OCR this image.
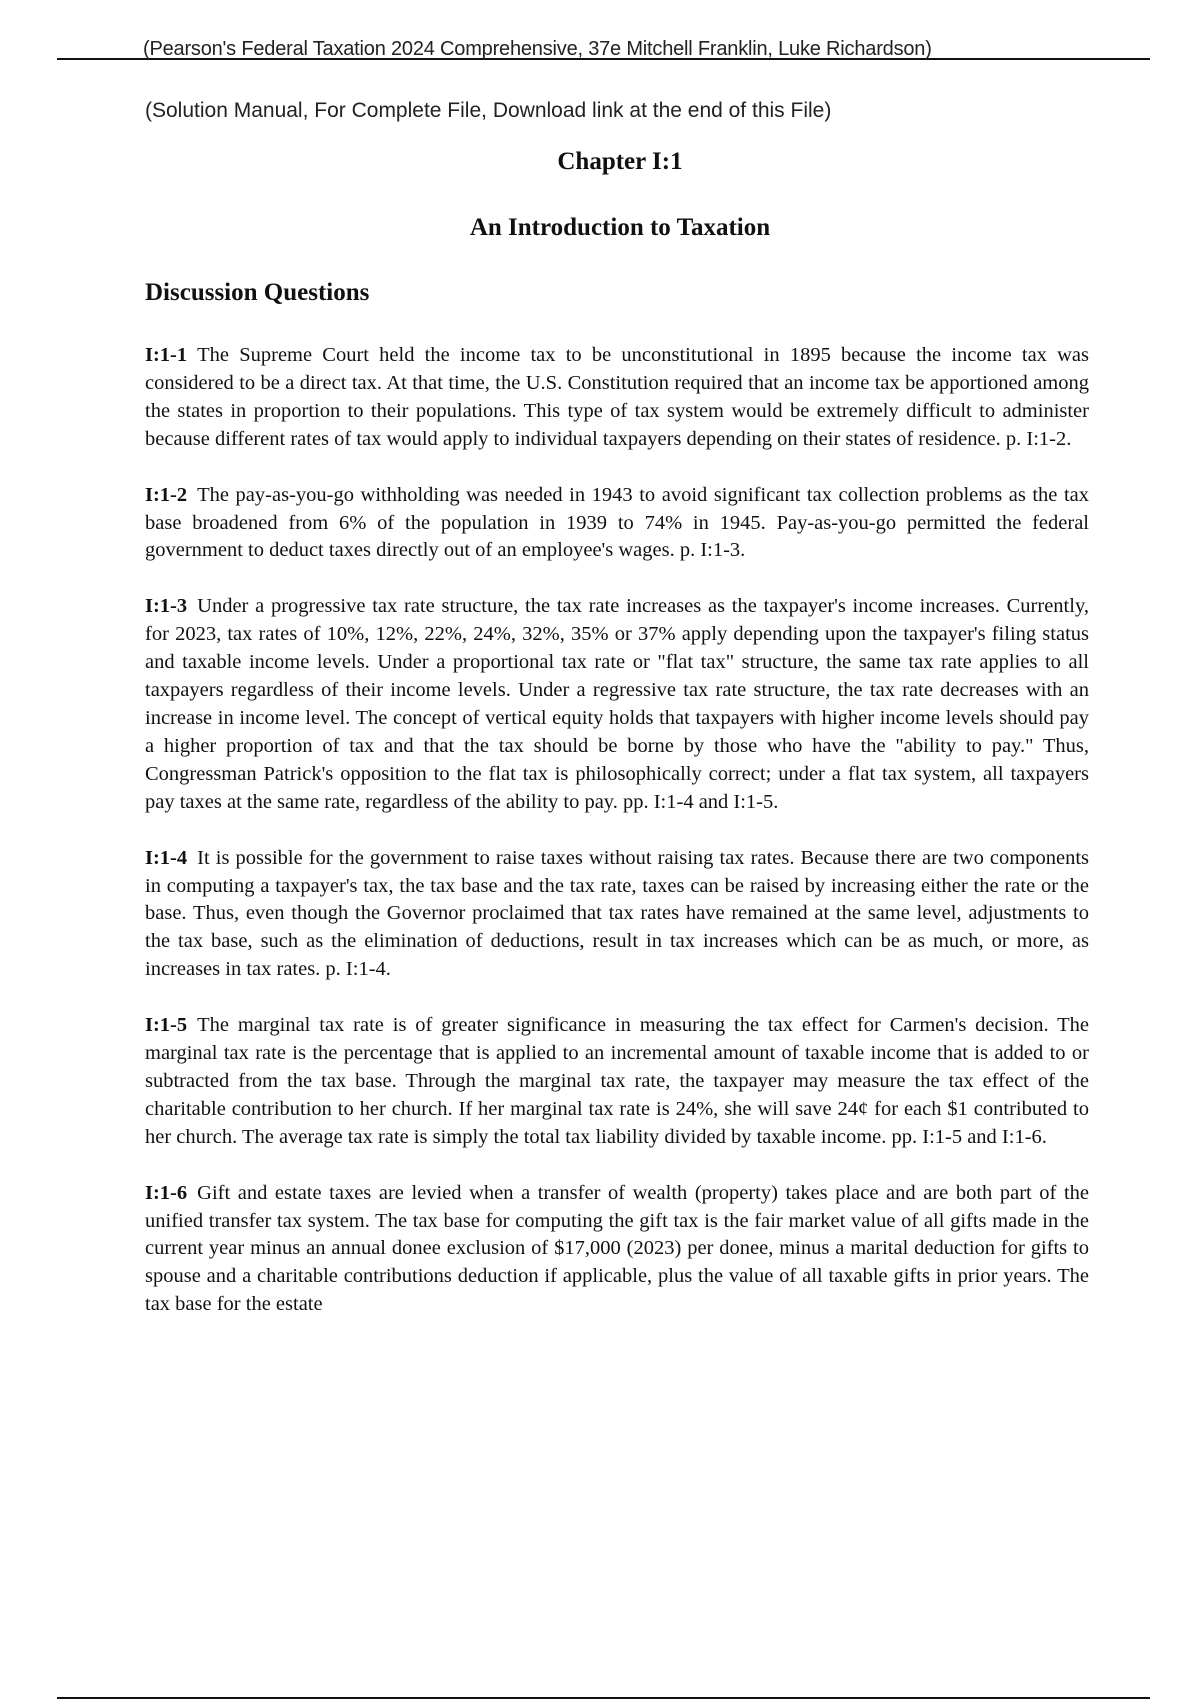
(Pearson's Federal Taxation 2024 Comprehensive, 37e Mitchell Franklin, Luke Richardson)
(Solution Manual, For Complete File, Download link at the end of this File)
Chapter I:1
An Introduction to Taxation
Discussion Questions

I:1-1 The Supreme Court held the income tax to be unconstitutional in 1895 because the income tax was considered to be a direct tax. At that time, the U.S. Constitution required that an income tax be apportioned among the states in proportion to their populations. This type of tax system would be extremely difficult to administer because different rates of tax would apply to individual taxpayers depending on their states of residence. p. I:1-2.

I:1-2 The pay-as-you-go withholding was needed in 1943 to avoid significant tax collection problems as the tax base broadened from 6% of the population in 1939 to 74% in 1945. Pay-as-you-go permitted the federal government to deduct taxes directly out of an employee's wages. p. I:1-3.

I:1-3 Under a progressive tax rate structure, the tax rate increases as the taxpayer's income increases. Currently, for 2023, tax rates of 10%, 12%, 22%, 24%, 32%, 35% or 37% apply depending upon the taxpayer's filing status and taxable income levels. Under a proportional tax rate or "flat tax" structure, the same tax rate applies to all taxpayers regardless of their income levels. Under a regressive tax rate structure, the tax rate decreases with an increase in income level. The concept of vertical equity holds that taxpayers with higher income levels should pay a higher proportion of tax and that the tax should be borne by those who have the "ability to pay." Thus, Congressman Patrick's opposition to the flat tax is philosophically correct; under a flat tax system, all taxpayers pay taxes at the same rate, regardless of the ability to pay. pp. I:1-4 and I:1-5.

I:1-4 It is possible for the government to raise taxes without raising tax rates. Because there are two components in computing a taxpayer's tax, the tax base and the tax rate, taxes can be raised by increasing either the rate or the base. Thus, even though the Governor proclaimed that tax rates have remained at the same level, adjustments to the tax base, such as the elimination of deductions, result in tax increases which can be as much, or more, as increases in tax rates. p. I:1-4.

I:1-5 The marginal tax rate is of greater significance in measuring the tax effect for Carmen's decision. The marginal tax rate is the percentage that is applied to an incremental amount of taxable income that is added to or subtracted from the tax base. Through the marginal tax rate, the taxpayer may measure the tax effect of the charitable contribution to her church. If her marginal tax rate is 24%, she will save 24¢ for each $1 contributed to her church. The average tax rate is simply the total tax liability divided by taxable income. pp. I:1-5 and I:1-6.

I:1-6 Gift and estate taxes are levied when a transfer of wealth (property) takes place and are both part of the unified transfer tax system. The tax base for computing the gift tax is the fair market value of all gifts made in the current year minus an annual donee exclusion of $17,000 (2023) per donee, minus a marital deduction for gifts to spouse and a charitable contributions deduction if applicable, plus the value of all taxable gifts in prior years. The tax base for the estate
